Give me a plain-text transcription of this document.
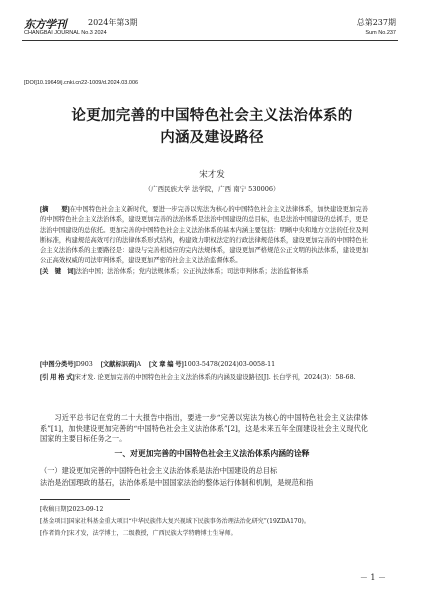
东方学刊	2024年第3期	总第237期
CHANGBAI JOURNAL No.3 2024	Sum No.237
[DOI]10.19649/j.cnki.cn22-1009/d.2024.03.006
论更加完善的中国特色社会主义法治体系的
内涵及建设路径
宋才发
（广西民族大学 法学院，广西 南宁 530006）

[摘　　要]在中国特色社会主义新时代，要进一步完善以宪法为核心的中国特色社会主义法律体系，加快建设更加完善的中国特色社会主义法治体系，建设更加完善的法治体系是法治中国建设的总目标，也是法治中国建设的总抓手，更是法治中国建设的总依托。更加完善的中国特色社会主义法治体系的基本内涵主要包括：明晰中央和地方立法的任位及判断标准，构建规范高效可行的法律体系形式结构，构建效力职权法定的行政法律规范体系，建设更加完善的中国特色社会主义法治体系的主要路径是：建设与完善相适应的完内法规体系，建设更加严格规范公正文明的执法体系，建设更加公正高效权威的司法审判体系，建设更加严密的社会主义法治监督体系。

[关　键　词]法治中国；法治体系；党内法规体系；公正执法体系；司法审判体系；法治监督体系

[中图分类号]D903 [文献标识码]A [文 章 编 号]1003-5478(2024)03-0058-11
[引 用 格 式]宋才发. 论更加完善的中国特色社会主义法治体系的内涵及建设路径[J]. 长白学刊，2024(3)：58-68.
习近平总书记在党的二十大报告中指出，要进一步“完善以宪法为核心的中国特色社会主义法律体系”[1]，加快建设更加完善的“中国特色社会主义法治体系”[2]，这是未来五年全面建设社会主义现代化国家的主要目标任务之一。
一、对更加完善的中国特色社会主义法治体系内涵的诠释
（一）建设更加完善的中国特色社会主义法治体系是法治中国建设的总目标
法治是治国理政的基石，法治体系是中国国家法治的整体运行体制和机制，是规范和指
[收稿日期]2023-09-12
[基金项目]国家社科基金重大项目“中华民族伟大复兴视域下民族事务治理法治化研究”(19ZDA170)。
[作者简介]宋才发，法学博士，二级教授，广西民族大学特聘博士生导师。
－ 1 －
